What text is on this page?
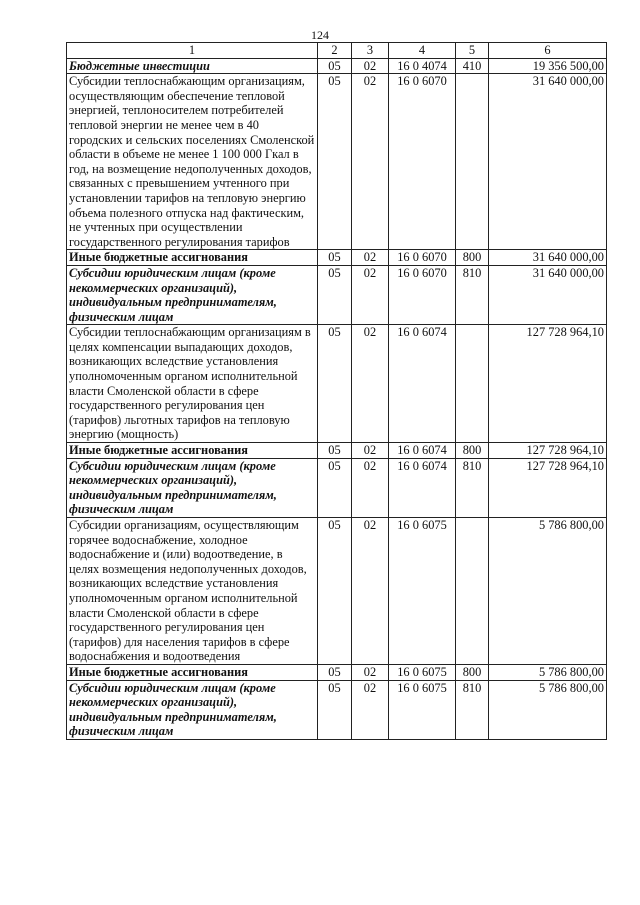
124
1	2	3	4	5	6
Бюджетные инвестиции	05	02	16 0 4074	410	19 356 500,00
Субсидии теплоснабжающим организациям, осуществляющим обеспечение тепловой энергией, теплоносителем потребителей тепловой энергии не менее чем в 40 городских и сельских поселениях Смоленской области в объеме не менее 1 100 000 Гкал в год, на возмещение недополученных доходов, связанных с превышением учтенного при установлении тарифов на тепловую энергию объема полезного отпуска над фактическим, не учтенных при осуществлении государственного регулирования тарифов	05	02	16 0 6070		31 640 000,00
Иные бюджетные ассигнования	05	02	16 0 6070	800	31 640 000,00
Субсидии юридическим лицам (кроме некоммерческих организаций), индивидуальным предпринимателям, физическим лицам	05	02	16 0 6070	810	31 640 000,00
Субсидии теплоснабжающим организациям в целях компенсации выпадающих доходов, возникающих вследствие установления уполномоченным органом исполнительной власти Смоленской области в сфере государственного регулирования цен (тарифов) льготных тарифов на тепловую энергию (мощность)	05	02	16 0 6074		127 728 964,10
Иные бюджетные ассигнования	05	02	16 0 6074	800	127 728 964,10
Субсидии юридическим лицам (кроме некоммерческих организаций), индивидуальным предпринимателям, физическим лицам	05	02	16 0 6074	810	127 728 964,10
Субсидии организациям, осуществляющим горячее водоснабжение, холодное водоснабжение и (или) водоотведение, в целях возмещения недополученных доходов, возникающих вследствие установления уполномоченным органом исполнительной власти Смоленской области в сфере государственного регулирования цен (тарифов) для населения тарифов в сфере водоснабжения и водоотведения	05	02	16 0 6075		5 786 800,00
Иные бюджетные ассигнования	05	02	16 0 6075	800	5 786 800,00
Субсидии юридическим лицам (кроме некоммерческих организаций), индивидуальным предпринимателям, физическим лицам	05	02	16 0 6075	810	5 786 800,00
